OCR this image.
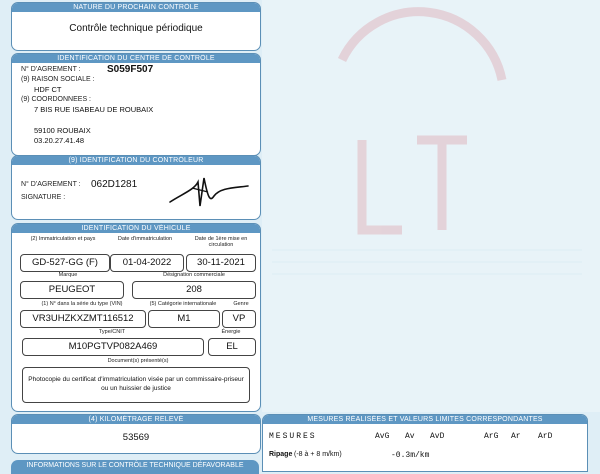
NATURE DU PROCHAIN CONTRÔLE
Contrôle technique périodique
IDENTIFICATION DU CENTRE DE CONTRÔLE
N° D'AGREMENT :	S059F507
(9) RAISON SOCIALE :
HDF CT
(9) COORDONNEES :
7 BIS RUE ISABEAU DE ROUBAIX
59100 ROUBAIX
03.20.27.41.48
(9) IDENTIFICATION DU CONTRÔLEUR
N° D'AGREMENT : 062D1281
SIGNATURE :
IDENTIFICATION DU VÉHICULE
(2) Immatriculation et pays	Date d'immatriculation	Date de 1ère mise en circulation
GD-527-GG (F)	01-04-2022	30-11-2021
Marque	Désignation commerciale
PEUGEOT	208
(1) N° dans la série du type (VIN)	(5) Catégorie internationale	Genre
VR3UHZKXZMT116512	M1	VP
Type/CNIT	Énergie
M10PGTVP082A469	EL
Document(s) présenté(s)
Photocopie du certificat d'immatriculation visée par un commissaire-priseur ou un huissier de justice
(4) KILOMÉTRAGE RELEVÉ
53569
INFORMATIONS SUR LE CONTRÔLE TECHNIQUE DÉFAVORABLE
MESURES RÉALISÉES ET VALEURS LIMITES CORRESPONDANTES
MESURES	AvG Av AvD	ArG Ar ArD
Ripage (-8 à + 8 m/km)	-0.3m/km
